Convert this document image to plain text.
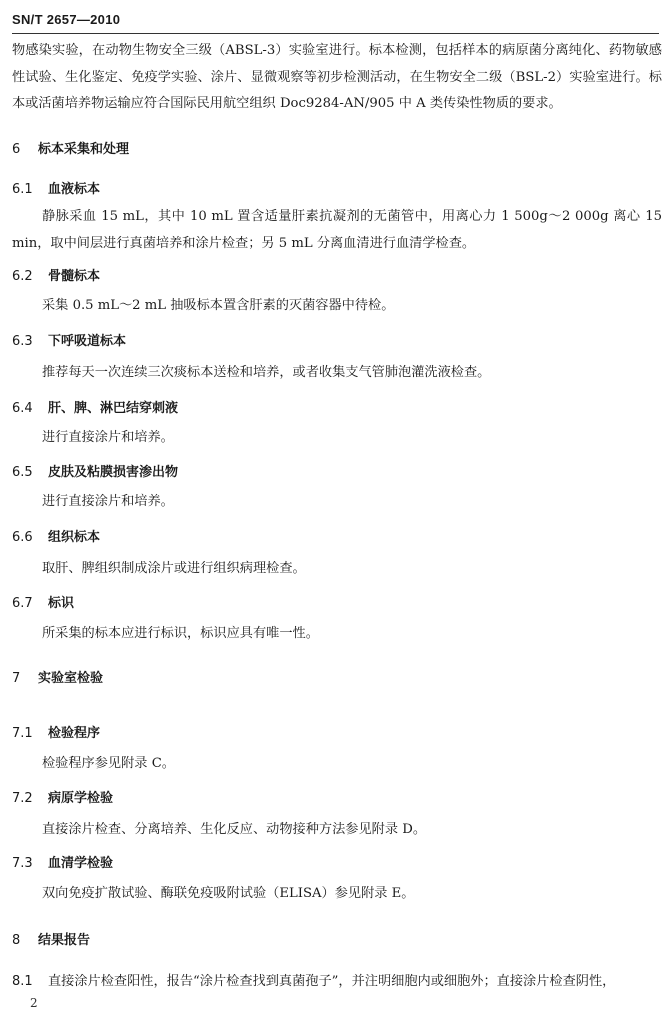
SN/T 2657—2010
物感染实验，在动物生物安全三级（ABSL-3）实验室进行。标本检测，包括样本的病原菌分离纯化、药物敏感性试验、生化鉴定、免疫学实验、涂片、显微观察等初步检测活动，在生物安全二级（BSL-2）实验室进行。标本或活菌培养物运输应符合国际民用航空组织 Doc9284-AN/905 中 A 类传染性物质的要求。
6 标本采集和处理
6.1 血液标本
静脉采血 15 mL，其中 10 mL 置含适量肝素抗凝剂的无菌管中，用离心力 1 500g～2 000g 离心 15 min，取中间层进行真菌培养和涂片检查；另 5 mL 分离血清进行血清学检查。
6.2 骨髓标本
采集 0.5 mL～2 mL 抽吸标本置含肝素的灭菌容器中待检。
6.3 下呼吸道标本
推荐每天一次连续三次痰标本送检和培养，或者收集支气管肺泡灌洗液检查。
6.4 肝、脾、淋巴结穿刺液
进行直接涂片和培养。
6.5 皮肤及粘膜损害渗出物
进行直接涂片和培养。
6.6 组织标本
取肝、脾组织制成涂片或进行组织病理检查。
6.7 标识
所采集的标本应进行标识，标识应具有唯一性。
7 实验室检验
7.1 检验程序
检验程序参见附录 C。
7.2 病原学检验
直接涂片检查、分离培养、生化反应、动物接种方法参见附录 D。
7.3 血清学检验
双向免疫扩散试验、酶联免疫吸附试验（ELISA）参见附录 E。
8 结果报告
8.1 直接涂片检查阳性，报告“涂片检查找到真菌孢子”，并注明细胞内或细胞外；直接涂片检查阴性，
2
